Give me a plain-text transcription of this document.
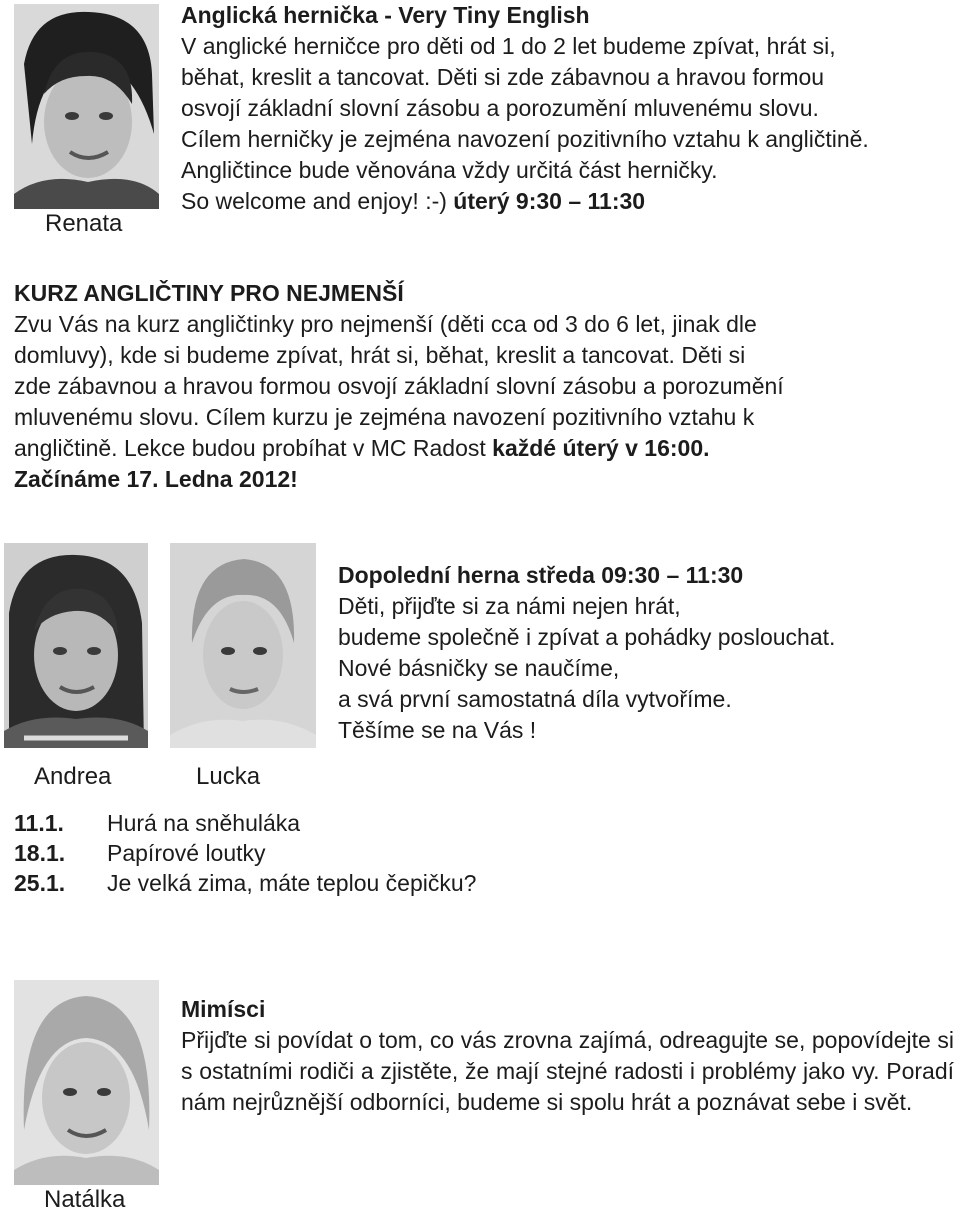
Renata
Anglická hernička - Very Tiny English
V anglické herničce pro děti od 1 do 2 let budeme zpívat, hrát si,
běhat, kreslit a tancovat. Děti si zde zábavnou a hravou formou
osvojí základní slovní zásobu a porozumění mluvenému slovu.
Cílem herničky je zejména navození pozitivního vztahu k angličtině.
Angličtince bude věnována vždy určitá část herničky.
So welcome and enjoy! :-) úterý 9:30 – 11:30
KURZ ANGLIČTINY PRO NEJMENŠÍ
Zvu Vás na kurz angličtinky pro nejmenší (děti cca od 3 do 6 let, jinak dle
domluvy), kde si budeme zpívat, hrát si, běhat, kreslit a tancovat. Děti si
zde zábavnou a hravou formou osvojí základní slovní zásobu a porozumění
mluvenému slovu. Cílem kurzu je zejména navození pozitivního vztahu k
angličtině. Lekce budou probíhat v MC Radost každé úterý v 16:00.
Začínáme 17. Ledna 2012!
Andrea	Lucka
Dopolední herna středa 09:30 – 11:30
Děti, přijďte si za námi nejen hrát,
budeme společně i zpívat a pohádky poslouchat.
Nové básničky se naučíme,
a svá první samostatná díla vytvoříme.
Těšíme se na Vás !
11.1. Hurá na sněhuláka
18.1. Papírové loutky
25.1. Je velká zima, máte teplou čepičku?
Natálka
Mimísci
Přijďte si povídat o tom, co vás zrovna zajímá, odreagujte se, popovídejte si s ostatními rodiči a zjistěte, že mají stejné radosti i problémy jako vy. Poradí nám nejrůznější odborníci, budeme si spolu hrát a poznávat sebe i svět.
